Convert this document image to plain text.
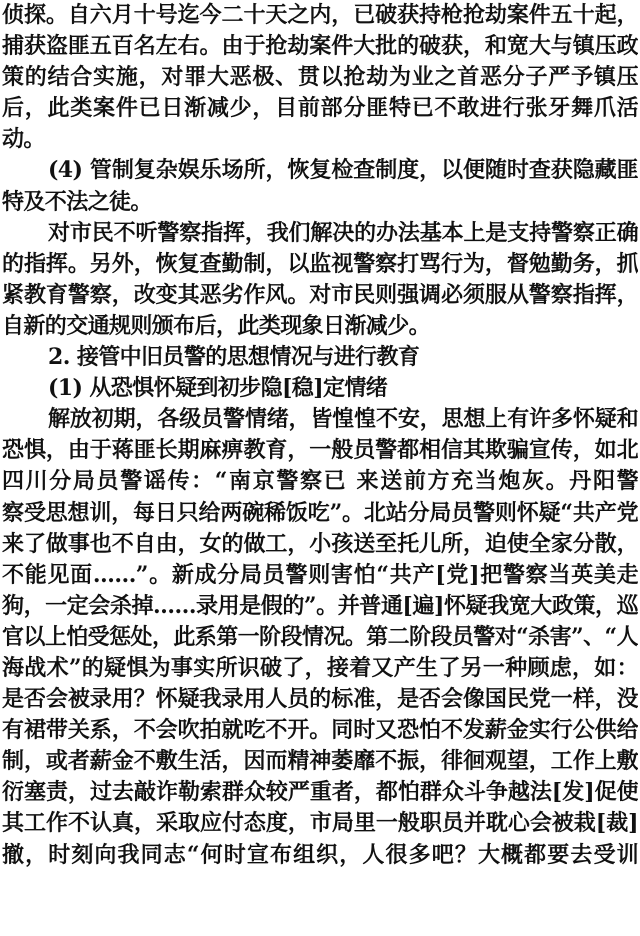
侦探。自六月十号迄今二十天之内，已破获持枪抢劫案件五十起，
捕获盗匪五百名左右。由于抢劫案件大批的破获，和宽大与镇压政
策的结合实施，对罪大恶极、贯以抢劫为业之首恶分子严予镇压
后，此类案件已日渐减少，目前部分匪特已不敢进行张牙舞爪活
动。
(4) 管制复杂娱乐场所，恢复检查制度，以便随时查获隐藏匪
特及不法之徒。
对市民不听警察指挥，我们解决的办法基本上是支持警察正确
的指挥。另外，恢复查勤制，以监视警察打骂行为，督勉勤务，抓
紧教育警察，改变其恶劣作风。对市民则强调必须服从警察指挥，
自新的交通规则颁布后，此类现象日渐减少。
2. 接管中旧员警的思想情况与进行教育
(1) 从恐惧怀疑到初步隐[稳]定情绪
解放初期，各级员警情绪，皆惶惶不安，思想上有许多怀疑和
恐惧，由于蒋匪长期麻痹教育，一般员警都相信其欺骗宣传，如北
四川分局员警谣传：“南京警察已 来送前方充当炮灰。丹阳警
察受思想训，每日只给两碗稀饭吃”。北站分局员警则怀疑“共产党
来了做事也不自由，女的做工，小孩送至托儿所，迫使全家分散，
不能见面……”。新成分局员警则害怕“共产[党]把警察当英美走
狗，一定会杀掉……录用是假的”。并普通[遍]怀疑我宽大政策，巡
官以上怕受惩处，此系第一阶段情况。第二阶段员警对“杀害”、“人
海战术”的疑惧为事实所识破了，接着又产生了另一种顾虑，如：
是否会被录用？怀疑我录用人员的标准，是否会像国民党一样，没
有裙带关系，不会吹拍就吃不开。同时又恐怕不发薪金实行公供给
制，或者薪金不敷生活，因而精神萎靡不振，徘徊观望，工作上敷
衍塞责，过去敲诈勒索群众较严重者，都怕群众斗争越法[发]促使
其工作不认真，采取应付态度，市局里一般职员并耽心会被栽[裁]
撤，时刻向我同志“何时宣布组织，人很多吧？大概都要去受训
